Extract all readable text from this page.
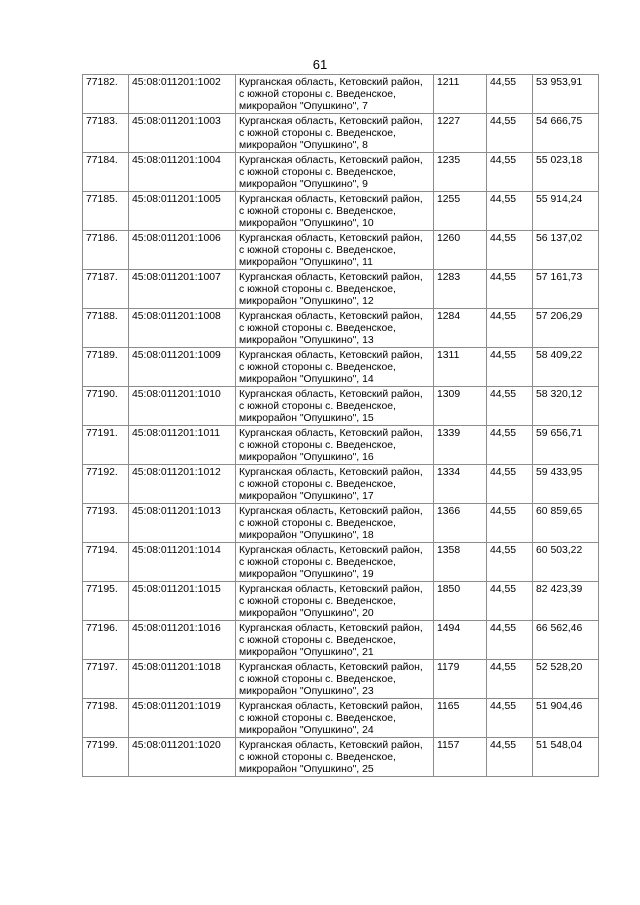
61
77182.	45:08:011201:1002	Курганская область, Кетовский район, с южной стороны с. Введенское, микрорайон "Опушкино", 7	1211	44,55	53 953,91
77183.	45:08:011201:1003	Курганская область, Кетовский район, с южной стороны с. Введенское, микрорайон "Опушкино", 8	1227	44,55	54 666,75
77184.	45:08:011201:1004	Курганская область, Кетовский район, с южной стороны с. Введенское, микрорайон "Опушкино", 9	1235	44,55	55 023,18
77185.	45:08:011201:1005	Курганская область, Кетовский район, с южной стороны с. Введенское, микрорайон "Опушкино", 10	1255	44,55	55 914,24
77186.	45:08:011201:1006	Курганская область, Кетовский район, с южной стороны с. Введенское, микрорайон "Опушкино", 11	1260	44,55	56 137,02
77187.	45:08:011201:1007	Курганская область, Кетовский район, с южной стороны с. Введенское, микрорайон "Опушкино", 12	1283	44,55	57 161,73
77188.	45:08:011201:1008	Курганская область, Кетовский район, с южной стороны с. Введенское, микрорайон "Опушкино", 13	1284	44,55	57 206,29
77189.	45:08:011201:1009	Курганская область, Кетовский район, с южной стороны с. Введенское, микрорайон "Опушкино", 14	1311	44,55	58 409,22
77190.	45:08:011201:1010	Курганская область, Кетовский район, с южной стороны с. Введенское, микрорайон "Опушкино", 15	1309	44,55	58 320,12
77191.	45:08:011201:1011	Курганская область, Кетовский район, с южной стороны с. Введенское, микрорайон "Опушкино", 16	1339	44,55	59 656,71
77192.	45:08:011201:1012	Курганская область, Кетовский район, с южной стороны с. Введенское, микрорайон "Опушкино", 17	1334	44,55	59 433,95
77193.	45:08:011201:1013	Курганская область, Кетовский район, с южной стороны с. Введенское, микрорайон "Опушкино", 18	1366	44,55	60 859,65
77194.	45:08:011201:1014	Курганская область, Кетовский район, с южной стороны с. Введенское, микрорайон "Опушкино", 19	1358	44,55	60 503,22
77195.	45:08:011201:1015	Курганская область, Кетовский район, с южной стороны с. Введенское, микрорайон "Опушкино", 20	1850	44,55	82 423,39
77196.	45:08:011201:1016	Курганская область, Кетовский район, с южной стороны с. Введенское, микрорайон "Опушкино", 21	1494	44,55	66 562,46
77197.	45:08:011201:1018	Курганская область, Кетовский район, с южной стороны с. Введенское, микрорайон "Опушкино", 23	1179	44,55	52 528,20
77198.	45:08:011201:1019	Курганская область, Кетовский район, с южной стороны с. Введенское, микрорайон "Опушкино", 24	1165	44,55	51 904,46
77199.	45:08:011201:1020	Курганская область, Кетовский район, с южной стороны с. Введенское, микрорайон "Опушкино", 25	1157	44,55	51 548,04
